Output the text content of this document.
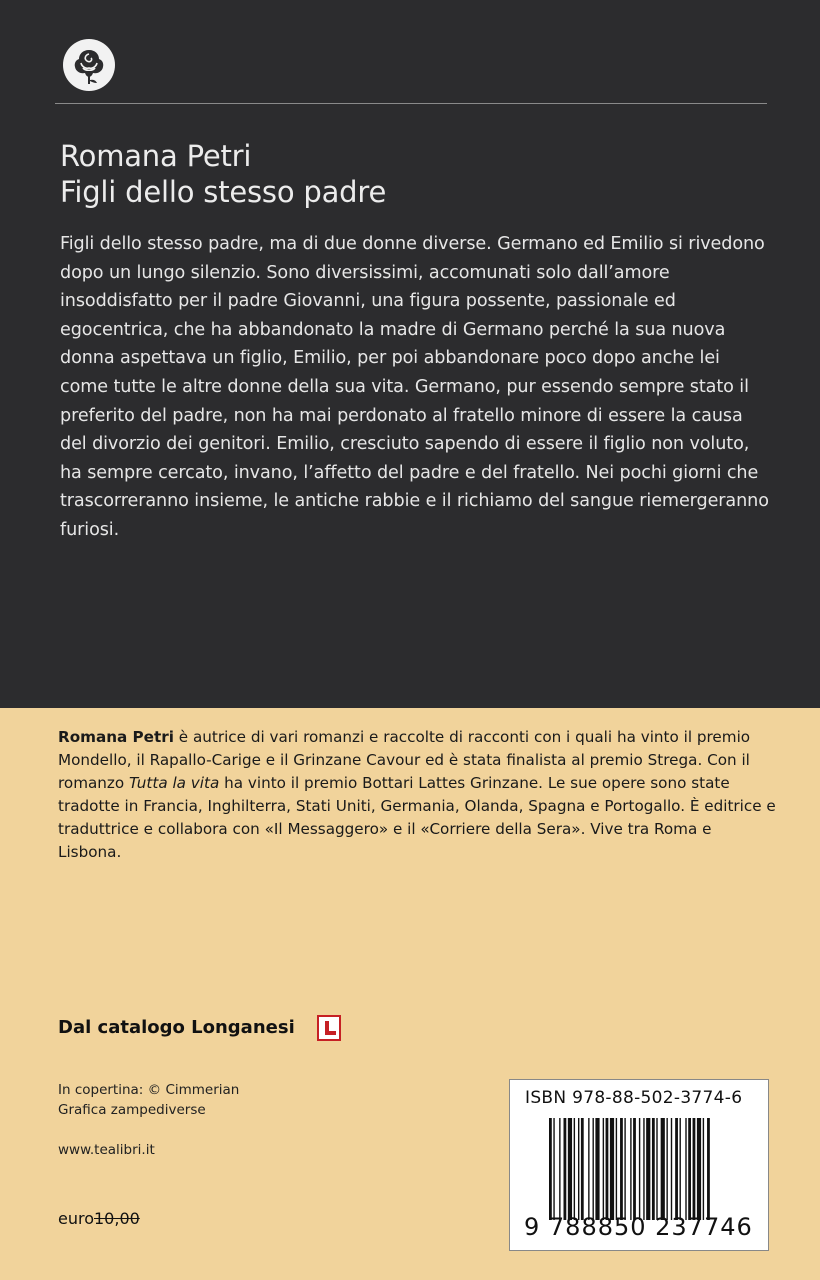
Romana Petri
Figli dello stesso padre
Figli dello stesso padre, ma di due donne diverse. Germano ed Emilio si rivedono dopo un lungo silenzio. Sono diversissimi, accomunati solo dall’amore insoddisfatto per il padre Giovanni, una figura possente, passionale ed egocentrica, che ha abbandonato la madre di Germano perché la sua nuova donna aspettava un figlio, Emilio, per poi abbandonare poco dopo anche lei come tutte le altre donne della sua vita. Germano, pur essendo sempre stato il preferito del padre, non ha mai perdonato al fratello minore di essere la causa del divorzio dei genitori. Emilio, cresciuto sapendo di essere il figlio non voluto, ha sempre cercato, invano, l’affetto del padre e del fratello. Nei pochi giorni che trascorreranno insieme, le antiche rabbie e il richiamo del sangue riemergeranno furiosi.
Romana Petri è autrice di vari romanzi e raccolte di racconti con i quali ha vinto il premio Mondello, il Rapallo-Carige e il Grinzane Cavour ed è stata finalista al premio Strega. Con il romanzo Tutta la vita ha vinto il premio Bottari Lattes Grinzane. Le sue opere sono state tradotte in Francia, Inghilterra, Stati Uniti, Germania, Olanda, Spagna e Portogallo. È editrice e traduttrice e collabora con «Il Messaggero» e il «Corriere della Sera». Vive tra Roma e Lisbona.
Dal catalogo Longanesi
In copertina: © Cimmerian
Grafica zampediverse
www.tealibri.it
euro10,00
ISBN 978-88-502-3774-6
9 788850 237746
